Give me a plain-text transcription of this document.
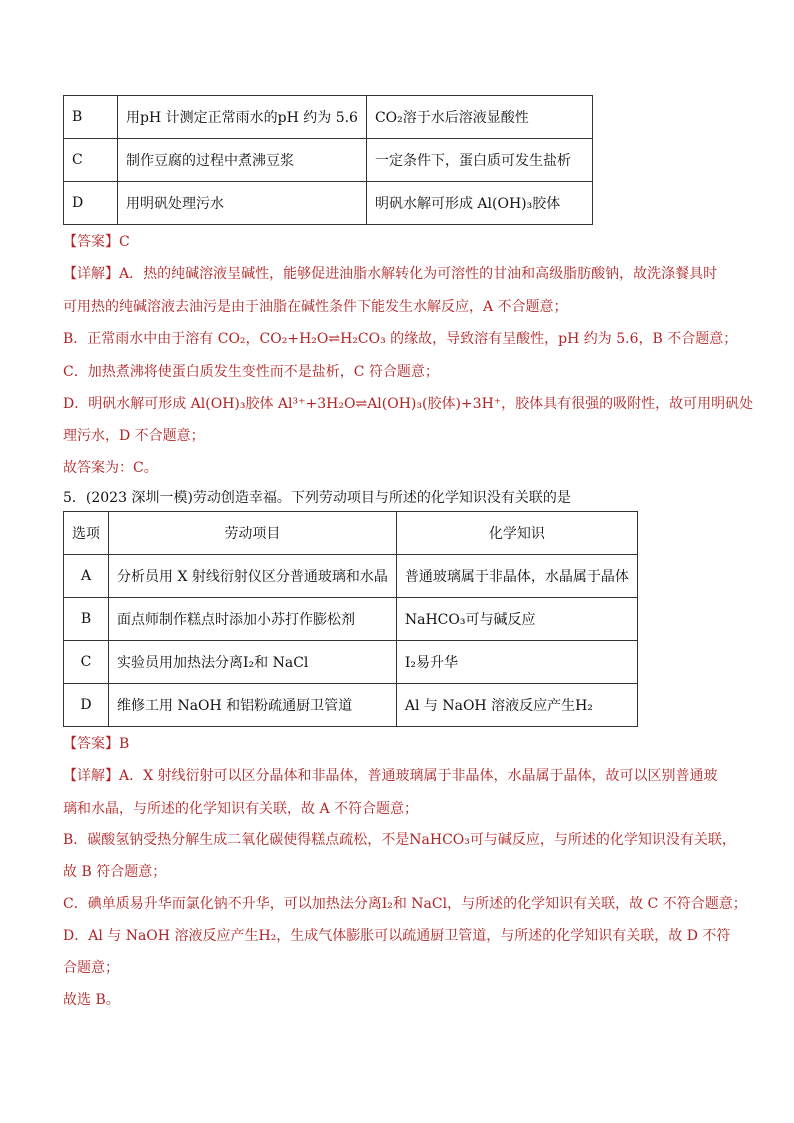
B	用pH 计测定正常雨水的pH 约为 5.6	CO₂溶于水后溶液显酸性
C	制作豆腐的过程中煮沸豆浆	一定条件下，蛋白质可发生盐析
D	用明矾处理污水	明矾水解可形成 Al(OH)₃胶体
【答案】C
【详解】A．热的纯碱溶液呈碱性，能够促进油脂水解转化为可溶性的甘油和高级脂肪酸钠，故洗涤餐具时
可用热的纯碱溶液去油污是由于油脂在碱性条件下能发生水解反应，A 不合题意；
B．正常雨水中由于溶有 CO₂，CO₂+H₂O⇌H₂CO₃ 的缘故，导致溶有呈酸性，pH 约为 5.6，B 不合题意；
C．加热煮沸将使蛋白质发生变性而不是盐析，C 符合题意；
D．明矾水解可形成 Al(OH)₃胶体 Al³⁺+3H₂O⇌Al(OH)₃(胶体)+3H⁺，胶体具有很强的吸附性，故可用明矾处
理污水，D 不合题意；
故答案为：C。
5．(2023 深圳一模)劳动创造幸福。下列劳动项目与所述的化学知识没有关联的是
选项	劳动项目	化学知识
A	分析员用 X 射线衍射仪区分普通玻璃和水晶	普通玻璃属于非晶体，水晶属于晶体
B	面点师制作糕点时添加小苏打作膨松剂	NaHCO₃可与碱反应
C	实验员用加热法分离I₂和 NaCl	I₂易升华
D	维修工用 NaOH 和铝粉疏通厨卫管道	Al 与 NaOH 溶液反应产生H₂
【答案】B
【详解】A．X 射线衍射可以区分晶体和非晶体，普通玻璃属于非晶体，水晶属于晶体，故可以区别普通玻
璃和水晶，与所述的化学知识有关联，故 A 不符合题意；
B．碳酸氢钠受热分解生成二氧化碳使得糕点疏松，不是NaHCO₃可与碱反应，与所述的化学知识没有关联，
故 B 符合题意；
C．碘单质易升华而氯化钠不升华，可以加热法分离I₂和 NaCl，与所述的化学知识有关联，故 C 不符合题意；
D．Al 与 NaOH 溶液反应产生H₂，生成气体膨胀可以疏通厨卫管道，与所述的化学知识有关联，故 D 不符
合题意；
故选 B。
